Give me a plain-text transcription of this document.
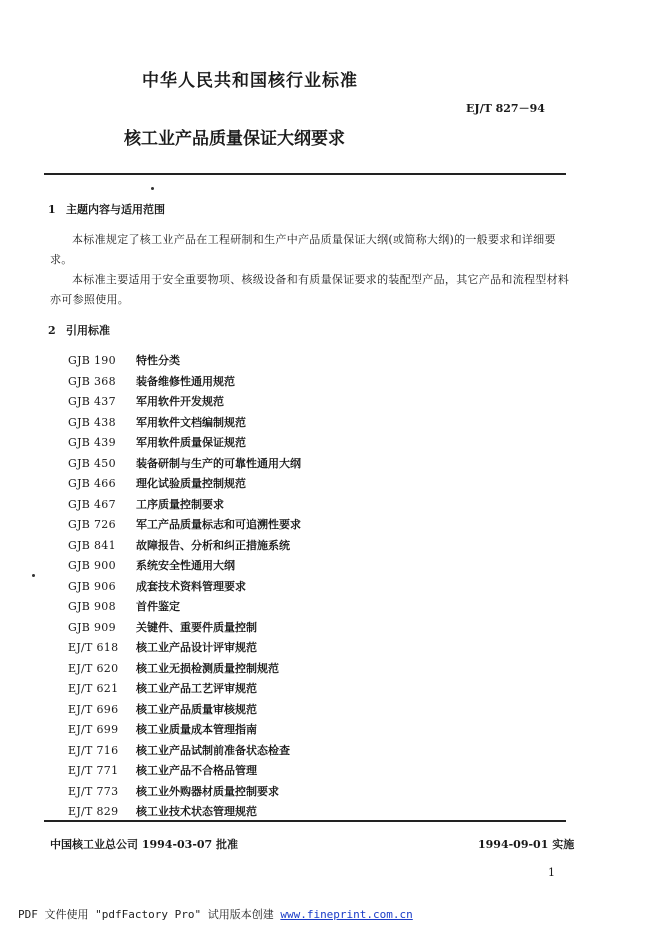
中华人民共和国核行业标准
EJ/T 827－94
核工业产品质量保证大纲要求
1 主题内容与适用范围
本标准规定了核工业产品在工程研制和生产中产品质量保证大纲(或简称大纲)的一般要求和详细要求。
本标准主要适用于安全重要物项、核级设备和有质量保证要求的装配型产品，其它产品和流程型材料亦可参照使用。
2 引用标准
GJB 190 特性分类
GJB 368 装备维修性通用规范
GJB 437 军用软件开发规范
GJB 438 军用软件文档编制规范
GJB 439 军用软件质量保证规范
GJB 450 装备研制与生产的可靠性通用大纲
GJB 466 理化试验质量控制规范
GJB 467 工序质量控制要求
GJB 726 军工产品质量标志和可追溯性要求
GJB 841 故障报告、分析和纠正措施系统
GJB 900 系统安全性通用大纲
GJB 906 成套技术资料管理要求
GJB 908 首件鉴定
GJB 909 关键件、重要件质量控制
EJ/T 618 核工业产品设计评审规范
EJ/T 620 核工业无损检测质量控制规范
EJ/T 621 核工业产品工艺评审规范
EJ/T 696 核工业产品质量审核规范
EJ/T 699 核工业质量成本管理指南
EJ/T 716 核工业产品试制前准备状态检查
EJ/T 771 核工业产品不合格品管理
EJ/T 773 核工业外购器材质量控制要求
EJ/T 829 核工业技术状态管理规范
中国核工业总公司 1994-03-07 批准	1994-09-01 实施
1
PDF 文件使用 "pdfFactory Pro" 试用版本创建 www.fineprint.com.cn
